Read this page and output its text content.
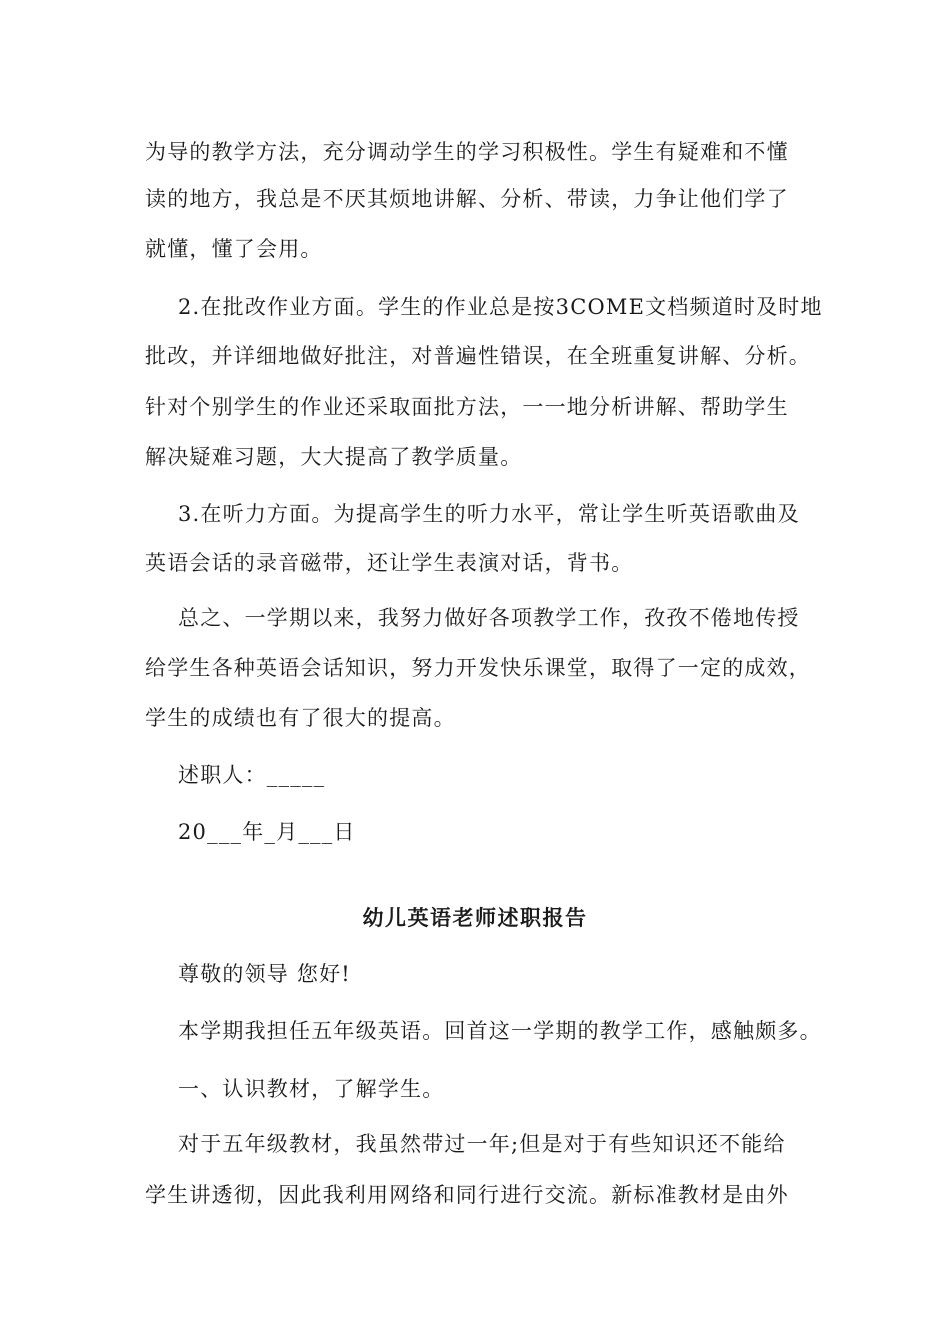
为导的教学方法，充分调动学生的学习积极性。学生有疑难和不懂
读的地方，我总是不厌其烦地讲解、分析、带读，力争让他们学了
就懂，懂了会用。
2.在批改作业方面。学生的作业总是按3COME文档频道时及时地
批改，并详细地做好批注，对普遍性错误，在全班重复讲解、分析。
针对个别学生的作业还采取面批方法，一一地分析讲解、帮助学生
解决疑难习题，大大提高了教学质量。
3.在听力方面。为提高学生的听力水平，常让学生听英语歌曲及
英语会话的录音磁带，还让学生表演对话，背书。
总之、一学期以来，我努力做好各项教学工作，孜孜不倦地传授
给学生各种英语会话知识，努力开发快乐课堂，取得了一定的成效，
学生的成绩也有了很大的提高。
述职人：_____
20___年_月___日
幼儿英语老师述职报告
尊敬的领导 您好!
本学期我担任五年级英语。回首这一学期的教学工作，感触颇多。
一、认识教材，了解学生。
对于五年级教材，我虽然带过一年;但是对于有些知识还不能给
学生讲透彻，因此我利用网络和同行进行交流。新标准教材是由外
